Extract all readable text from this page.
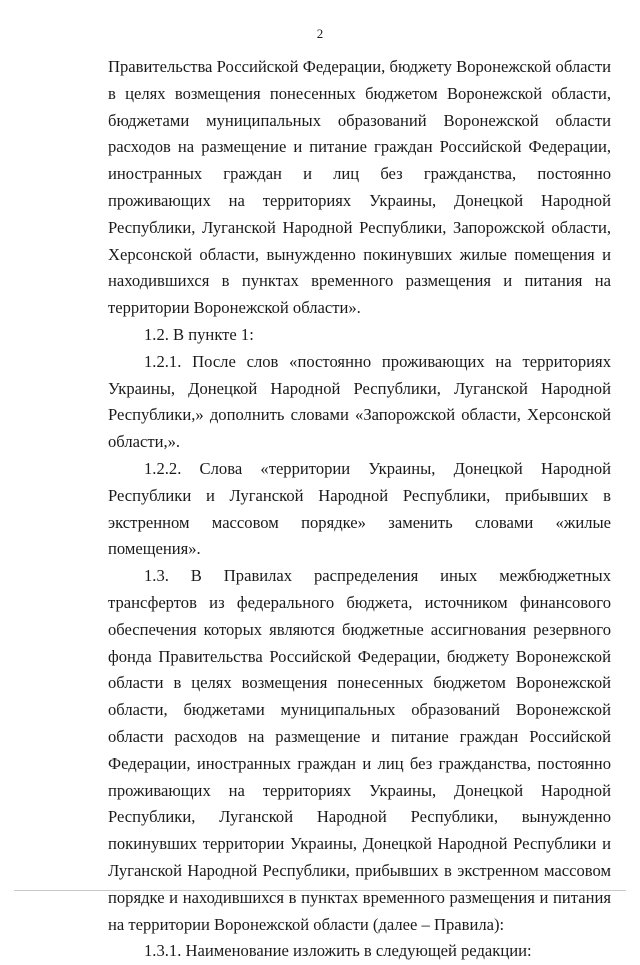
2

Правительства Российской Федерации, бюджету Воронежской области в целях возмещения понесенных бюджетом Воронежской области, бюджетами муниципальных образований Воронежской области расходов на размещение и питание граждан Российской Федерации, иностранных граждан и лиц без гражданства, постоянно проживающих на территориях Украины, Донецкой Народной Республики, Луганской Народной Республики, Запорожской области, Херсонской области, вынужденно покинувших жилые помещения и находившихся в пунктах временного размещения и питания на территории Воронежской области».

1.2. В пункте 1:

1.2.1. После слов «постоянно проживающих на территориях Украины, Донецкой Народной Республики, Луганской Народной Республики,» дополнить словами «Запорожской области, Херсонской области,».

1.2.2. Слова «территории Украины, Донецкой Народной Республики и Луганской Народной Республики, прибывших в экстренном массовом порядке» заменить словами «жилые помещения».

1.3. В Правилах распределения иных межбюджетных трансфертов из федерального бюджета, источником финансового обеспечения которых являются бюджетные ассигнования резервного фонда Правительства Российской Федерации, бюджету Воронежской области в целях возмещения понесенных бюджетом Воронежской области, бюджетами муниципальных образований Воронежской области расходов на размещение и питание граждан Российской Федерации, иностранных граждан и лиц без гражданства, постоянно проживающих на территориях Украины, Донецкой Народной Республики, Луганской Народной Республики, вынужденно покинувших территории Украины, Донецкой Народной Республики и Луганской Народной Республики, прибывших в экстренном массовом порядке и находившихся в пунктах временного размещения и питания на территории Воронежской области (далее – Правила):

1.3.1. Наименование изложить в следующей редакции:
